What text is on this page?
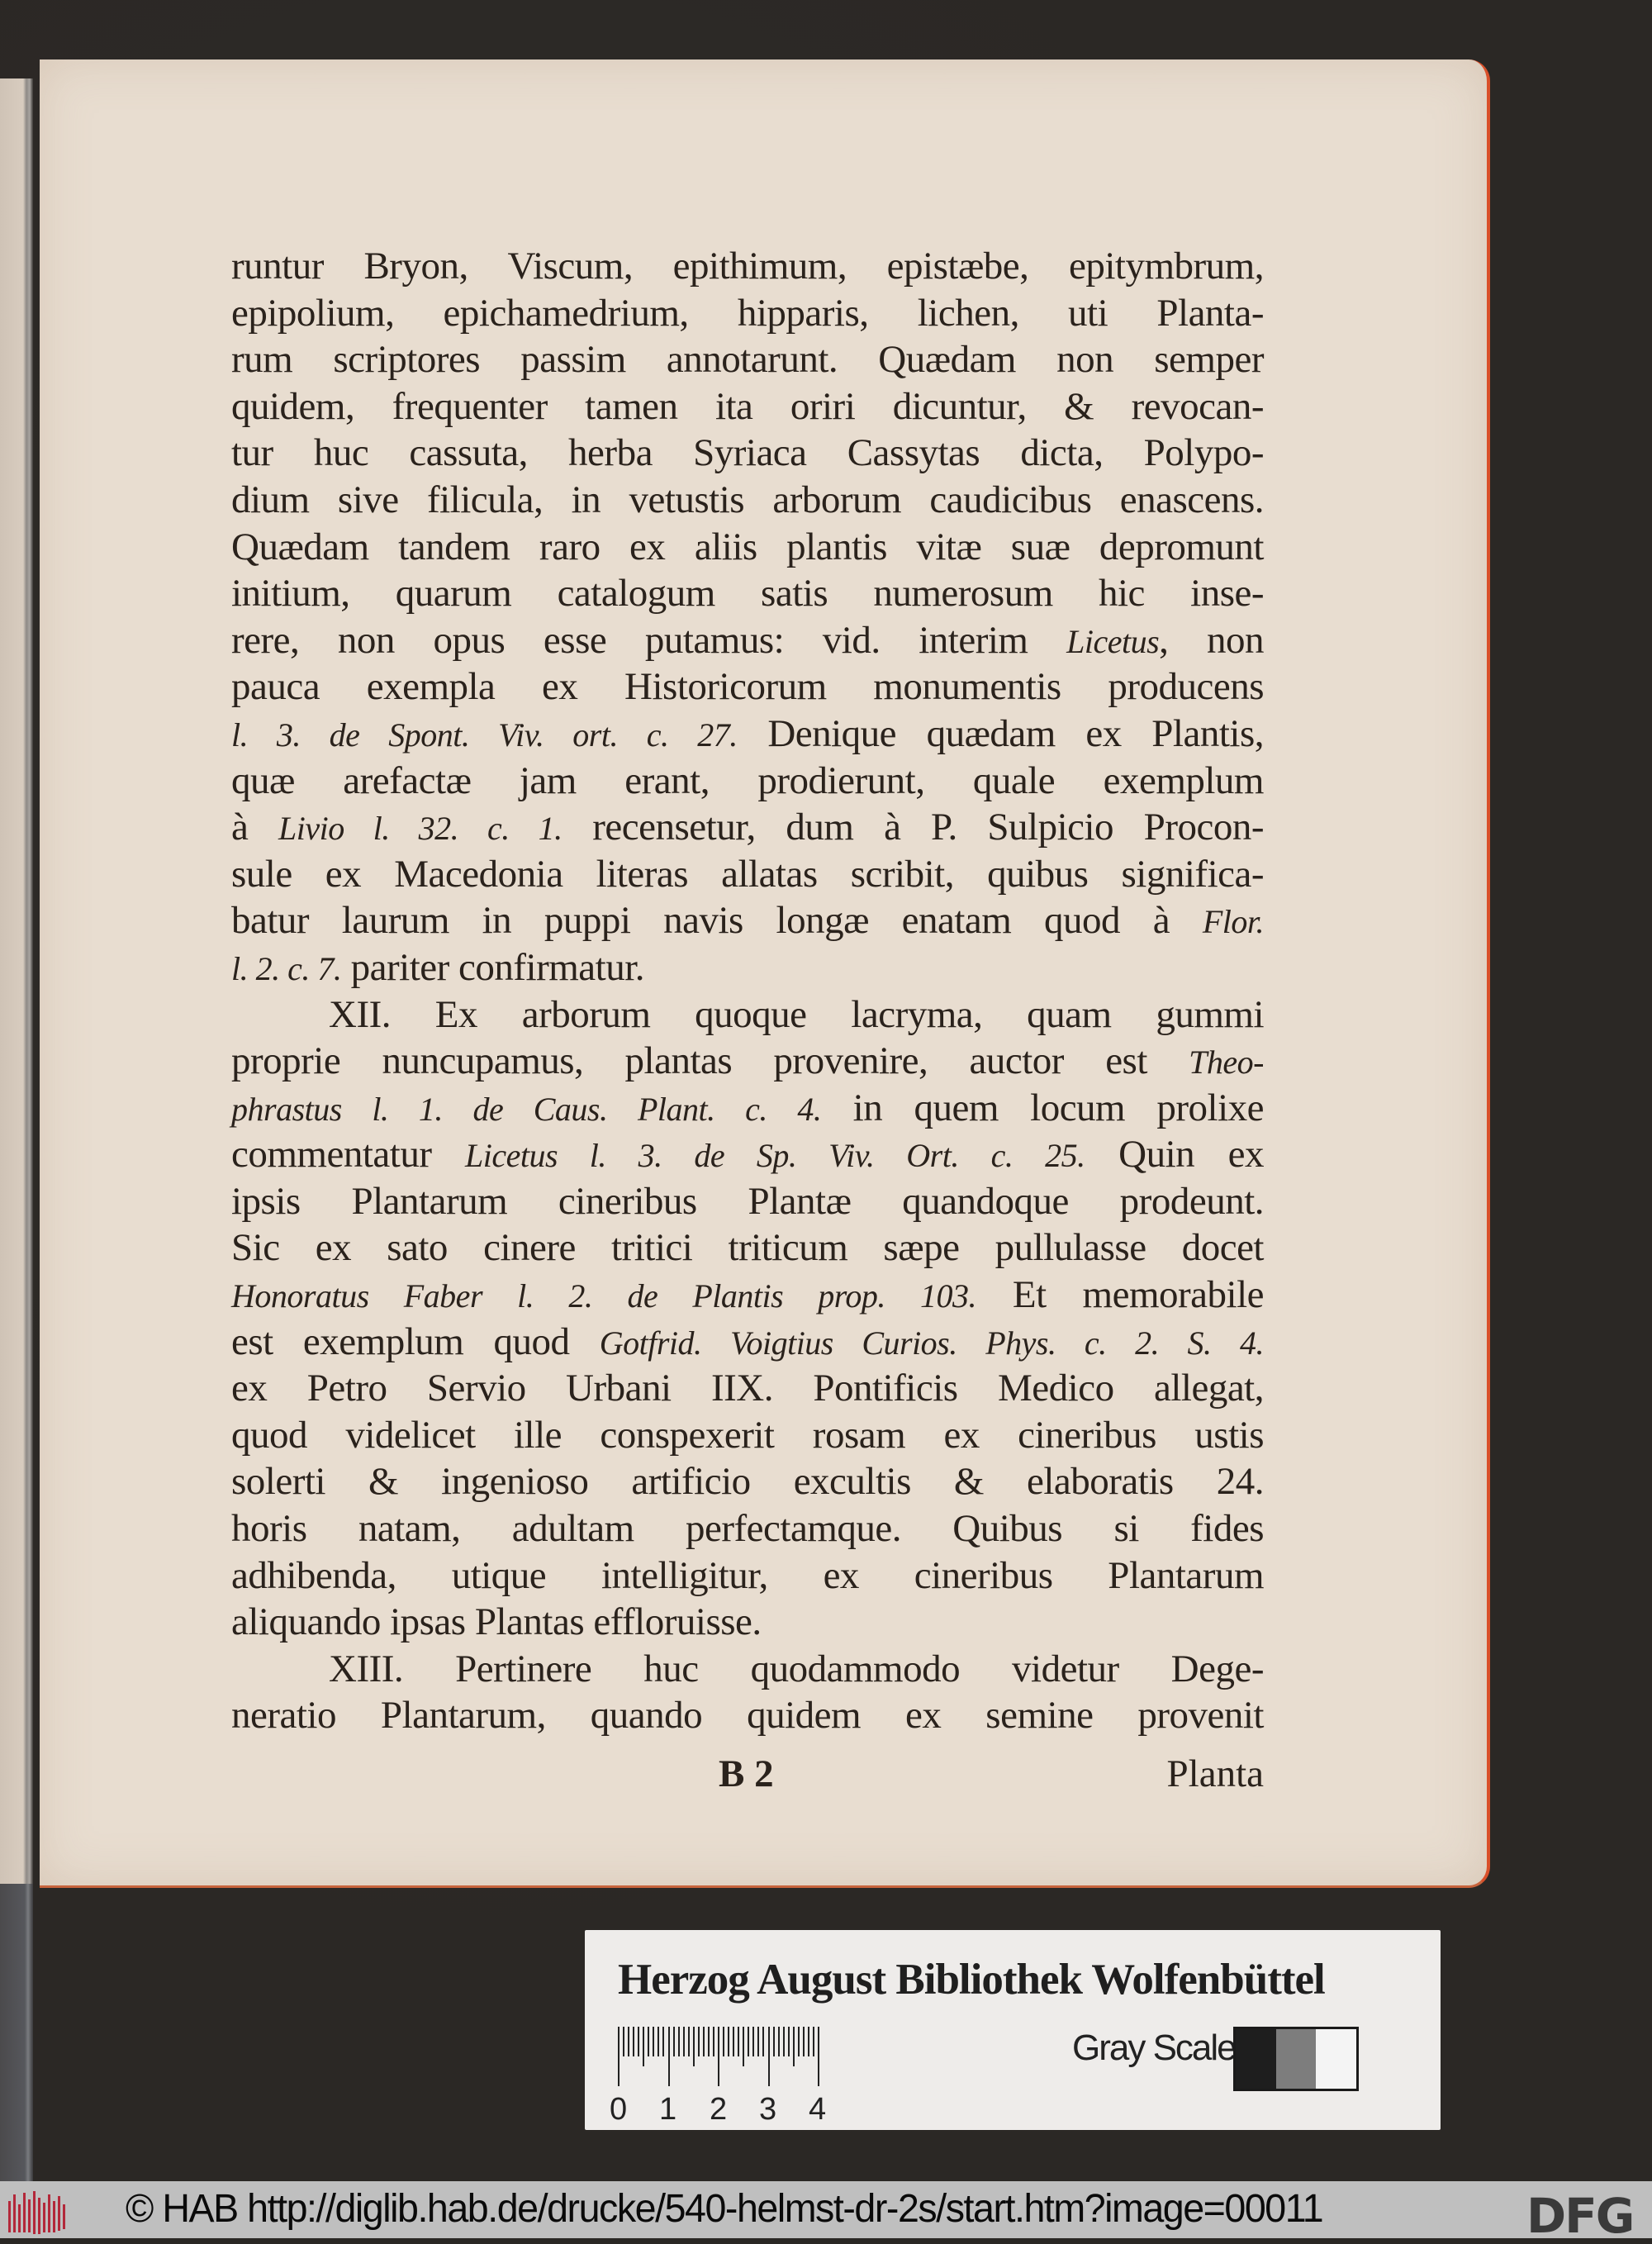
runtur Bryon, Viscum, epithimum, epistæbe, epitymbrum,
epipolium, epichamedrium, hipparis, lichen, uti Planta-
rum scriptores passim annotarunt. Quædam non semper
quidem, frequenter tamen ita oriri dicuntur, & revocan-
tur huc cassuta, herba Syriaca Cassytas dicta, Polypo-
dium sive filicula, in vetustis arborum caudicibus enascens.
Quædam tandem raro ex aliis plantis vitæ suæ depromunt
initium, quarum catalogum satis numerosum hic inse-
rere, non opus esse putamus: vid. interim Licetus, non
pauca exempla ex Historicorum monumentis producens
l. 3. de Spont. Viv. ort. c. 27. Denique quædam ex Plantis,
quæ arefactæ jam erant, prodierunt, quale exemplum
à Livio l. 32. c. 1. recensetur, dum à P. Sulpicio Procon-
sule ex Macedonia literas allatas scribit, quibus significa-
batur laurum in puppi navis longæ enatam quod à Flor.
l. 2. c. 7. pariter confirmatur.
XII. Ex arborum quoque lacryma, quam gummi
proprie nuncupamus, plantas provenire, auctor est Theo-
phrastus l. 1. de Caus. Plant. c. 4. in quem locum prolixe
commentatur Licetus l. 3. de Sp. Viv. Ort. c. 25. Quin ex
ipsis Plantarum cineribus Plantæ quandoque prodeunt.
Sic ex sato cinere tritici triticum sæpe pullulasse docet
Honoratus Faber l. 2. de Plantis prop. 103. Et memorabile
est exemplum quod Gotfrid. Voigtius Curios. Phys. c. 2. S. 4.
ex Petro Servio Urbani IIX. Pontificis Medico allegat,
quod videlicet ille conspexerit rosam ex cineribus ustis
solerti & ingenioso artificio excultis & elaboratis 24.
horis natam, adultam perfectamque. Quibus si fides
adhibenda, utique intelligitur, ex cineribus Plantarum
aliquando ipsas Plantas effloruisse.
XIII. Pertinere huc quodammodo videtur Dege-
neratio Plantarum, quando quidem ex semine provenit
B 2	Planta
Herzog August Bibliothek Wolfenbüttel
0 1 2 3 4
Gray Scale
© HAB http://diglib.hab.de/drucke/540-helmst-dr-2s/start.htm?image=00011	DFG
